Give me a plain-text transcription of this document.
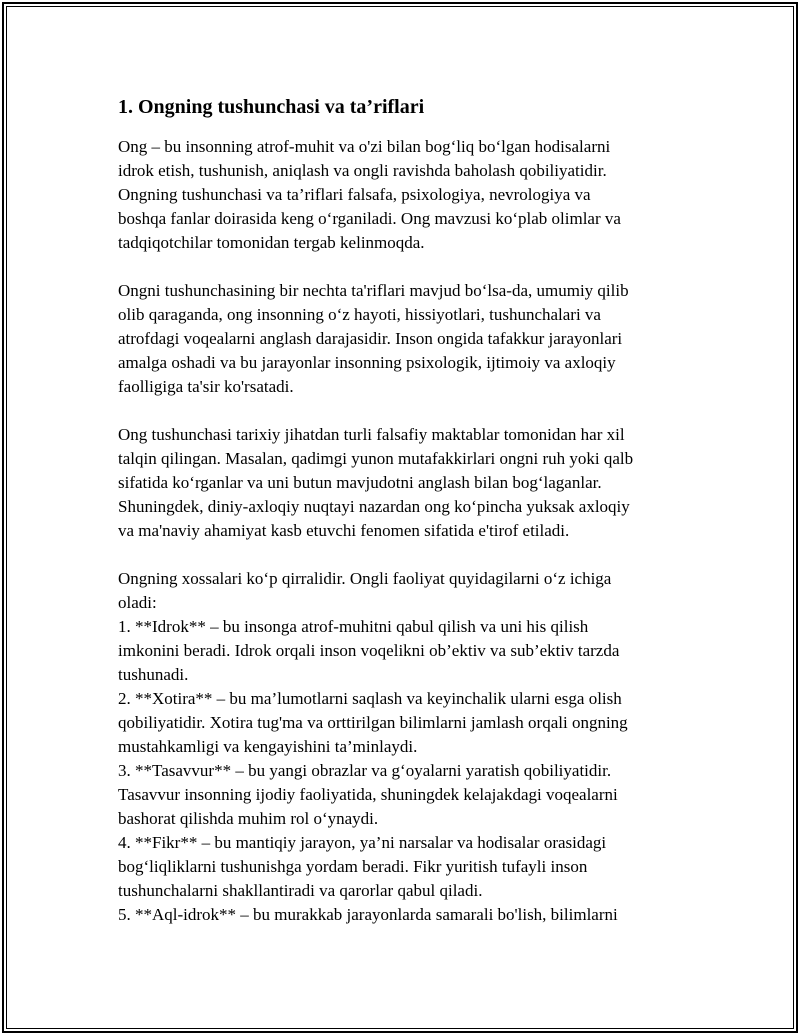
1. Ongning tushunchasi va ta’riflari

Ong – bu insonning atrof-muhit va o'zi bilan bog‘liq bo‘lgan hodisalarni
idrok etish, tushunish, aniqlash va ongli ravishda baholash qobiliyatidir.
Ongning tushunchasi va ta’riflari falsafa, psixologiya, nevrologiya va
boshqa fanlar doirasida keng o‘rganiladi. Ong mavzusi ko‘plab olimlar va
tadqiqotchilar tomonidan tergab kelinmoqda.

Ongni tushunchasining bir nechta ta'riflari mavjud bo‘lsa-da, umumiy qilib
olib qaraganda, ong insonning o‘z hayoti, hissiyotlari, tushunchalari va
atrofdagi voqealarni anglash darajasidir. Inson ongida tafakkur jarayonlari
amalga oshadi va bu jarayonlar insonning psixologik, ijtimoiy va axloqiy
faolligiga ta'sir ko'rsatadi.

Ong tushunchasi tarixiy jihatdan turli falsafiy maktablar tomonidan har xil
talqin qilingan. Masalan, qadimgi yunon mutafakkirlari ongni ruh yoki qalb
sifatida ko‘rganlar va uni butun mavjudotni anglash bilan bog‘laganlar.
Shuningdek, diniy-axloqiy nuqtayi nazardan ong ko‘pincha yuksak axloqiy
va ma'naviy ahamiyat kasb etuvchi fenomen sifatida e'tirof etiladi.

Ongning xossalari ko‘p qirralidir. Ongli faoliyat quyidagilarni o‘z ichiga
oladi:

1. **Idrok** – bu insonga atrof-muhitni qabul qilish va uni his qilish
imkonini beradi. Idrok orqali inson voqelikni ob’ektiv va sub’ektiv tarzda
tushunadi.
2. **Xotira** – bu ma’lumotlarni saqlash va keyinchalik ularni esga olish
qobiliyatidir. Xotira tug'ma va orttirilgan bilimlarni jamlash orqali ongning
mustahkamligi va kengayishini ta’minlaydi.
3. **Tasavvur** – bu yangi obrazlar va g‘oyalarni yaratish qobiliyatidir.
Tasavvur insonning ijodiy faoliyatida, shuningdek kelajakdagi voqealarni
bashorat qilishda muhim rol o‘ynaydi.
4. **Fikr** – bu mantiqiy jarayon, ya’ni narsalar va hodisalar orasidagi
bog‘liqliklarni tushunishga yordam beradi. Fikr yuritish tufayli inson
tushunchalarni shakllantiradi va qarorlar qabul qiladi.
5. **Aql-idrok** – bu murakkab jarayonlarda samarali bo'lish, bilimlarni
